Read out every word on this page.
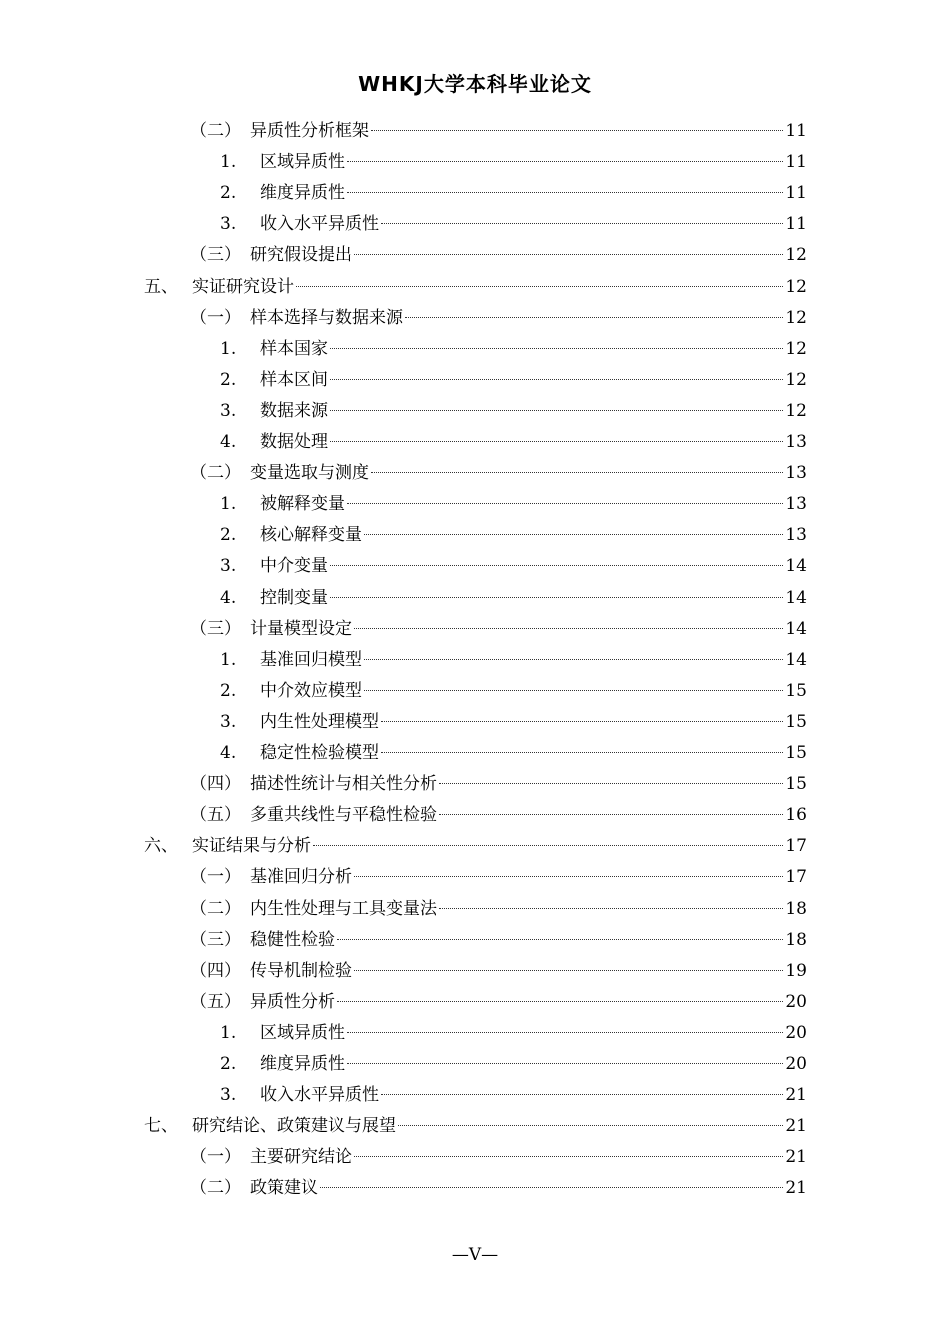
WHKJ大学本科毕业论文
（二） 异质性分析框架	11
1.	区域异质性	11
2.	维度异质性	11
3.	收入水平异质性	11
（三） 研究假设提出	12
五、 实证研究设计	12
（一） 样本选择与数据来源	12
1.	样本国家	12
2.	样本区间	12
3.	数据来源	12
4.	数据处理	13
（二） 变量选取与测度	13
1.	被解释变量	13
2.	核心解释变量	13
3.	中介变量	14
4.	控制变量	14
（三） 计量模型设定	14
1.	基准回归模型	14
2.	中介效应模型	15
3.	内生性处理模型	15
4.	稳定性检验模型	15
（四） 描述性统计与相关性分析	15
（五） 多重共线性与平稳性检验	16
六、 实证结果与分析	17
（一） 基准回归分析	17
（二） 内生性处理与工具变量法	18
（三） 稳健性检验	18
（四） 传导机制检验	19
（五） 异质性分析	20
1.	区域异质性	20
2.	维度异质性	20
3.	收入水平异质性	21
七、 研究结论、政策建议与展望	21
（一） 主要研究结论	21
（二） 政策建议	21
—V—
